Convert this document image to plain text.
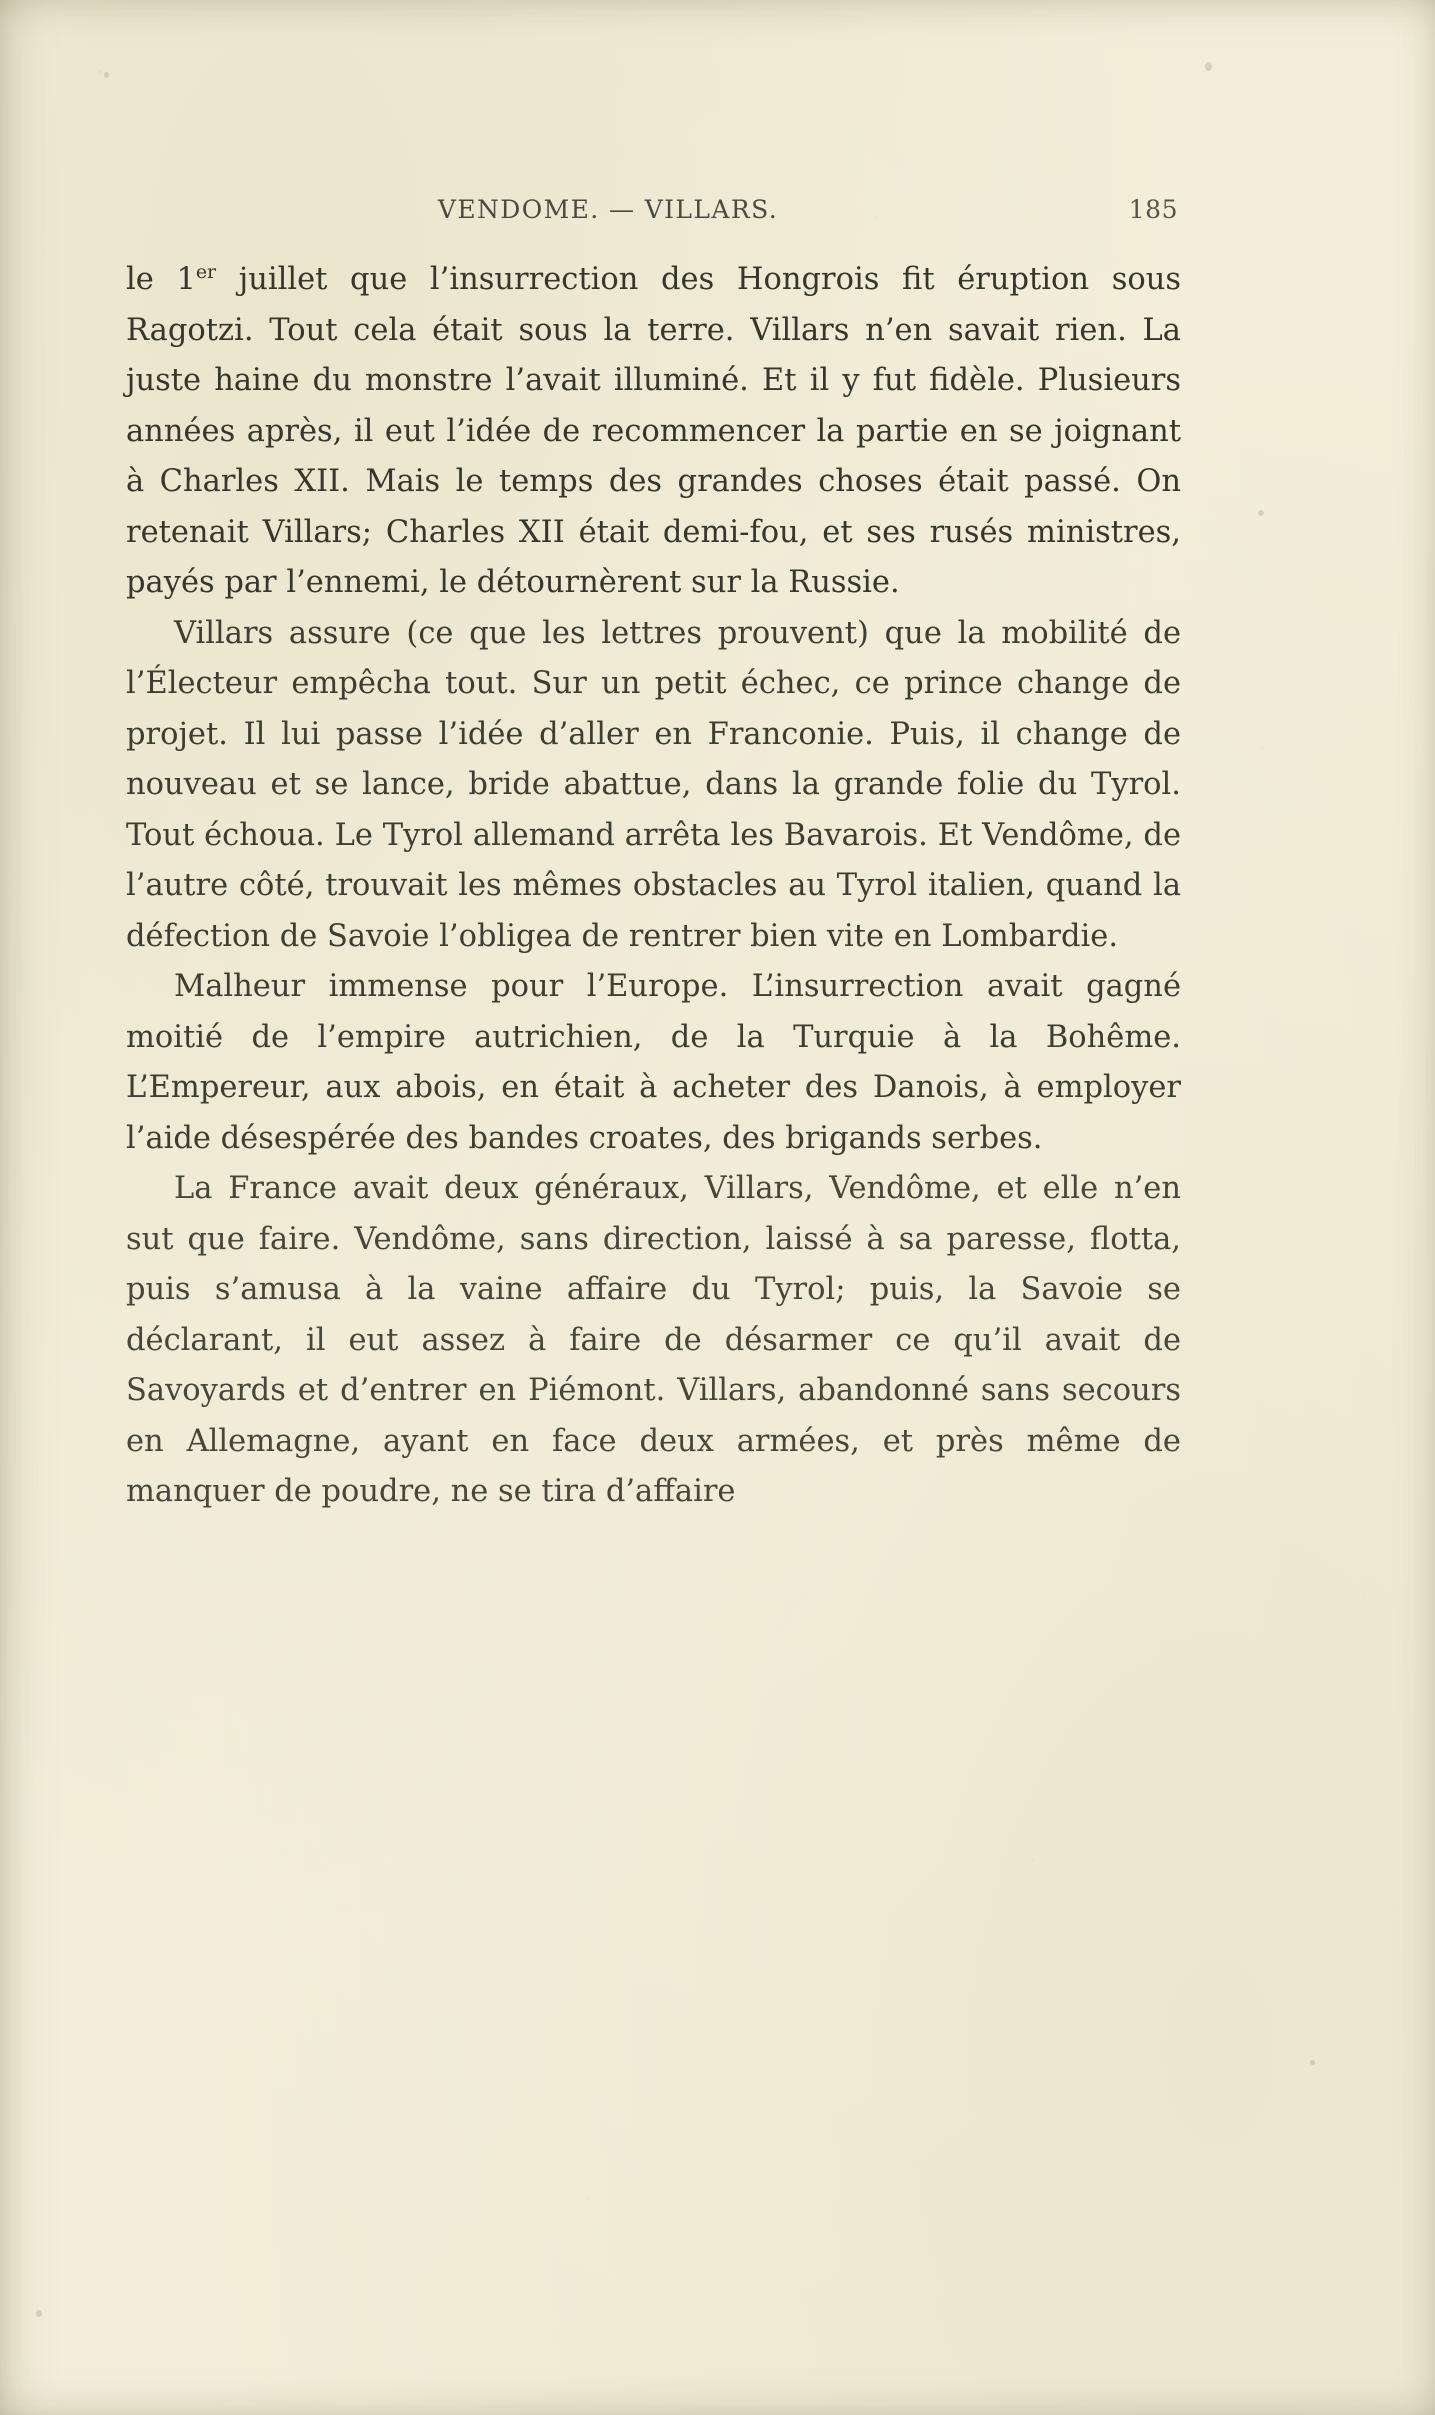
VENDOME. — VILLARS.	185

le 1er juillet que l’insurrection des Hongrois fit éruption sous Ragotzi. Tout cela était sous la terre. Villars n’en savait rien. La juste haine du monstre l’avait illuminé. Et il y fut fidèle. Plusieurs années après, il eut l’idée de recommencer la partie en se joignant à Charles XII. Mais le temps des grandes choses était passé. On retenait Villars; Charles XII était demi-fou, et ses rusés ministres, payés par l’ennemi, le détournèrent sur la Russie.

Villars assure (ce que les lettres prouvent) que la mobilité de l’Électeur empêcha tout. Sur un petit échec, ce prince change de projet. Il lui passe l’idée d’aller en Franconie. Puis, il change de nouveau et se lance, bride abattue, dans la grande folie du Tyrol. Tout échoua. Le Tyrol allemand arrêta les Bavarois. Et Vendôme, de l’autre côté, trouvait les mêmes obstacles au Tyrol italien, quand la défection de Savoie l’obligea de rentrer bien vite en Lombardie.

Malheur immense pour l’Europe. L’insurrection avait gagné moitié de l’empire autrichien, de la Turquie à la Bohême. L’Empereur, aux abois, en était à acheter des Danois, à employer l’aide désespérée des bandes croates, des brigands serbes.

La France avait deux généraux, Villars, Vendôme, et elle n’en sut que faire. Vendôme, sans direction, laissé à sa paresse, flotta, puis s’amusa à la vaine affaire du Tyrol; puis, la Savoie se déclarant, il eut assez à faire de désarmer ce qu’il avait de Savoyards et d’entrer en Piémont. Villars, abandonné sans secours en Allemagne, ayant en face deux armées, et près même de manquer de poudre, ne se tira d’affaire
